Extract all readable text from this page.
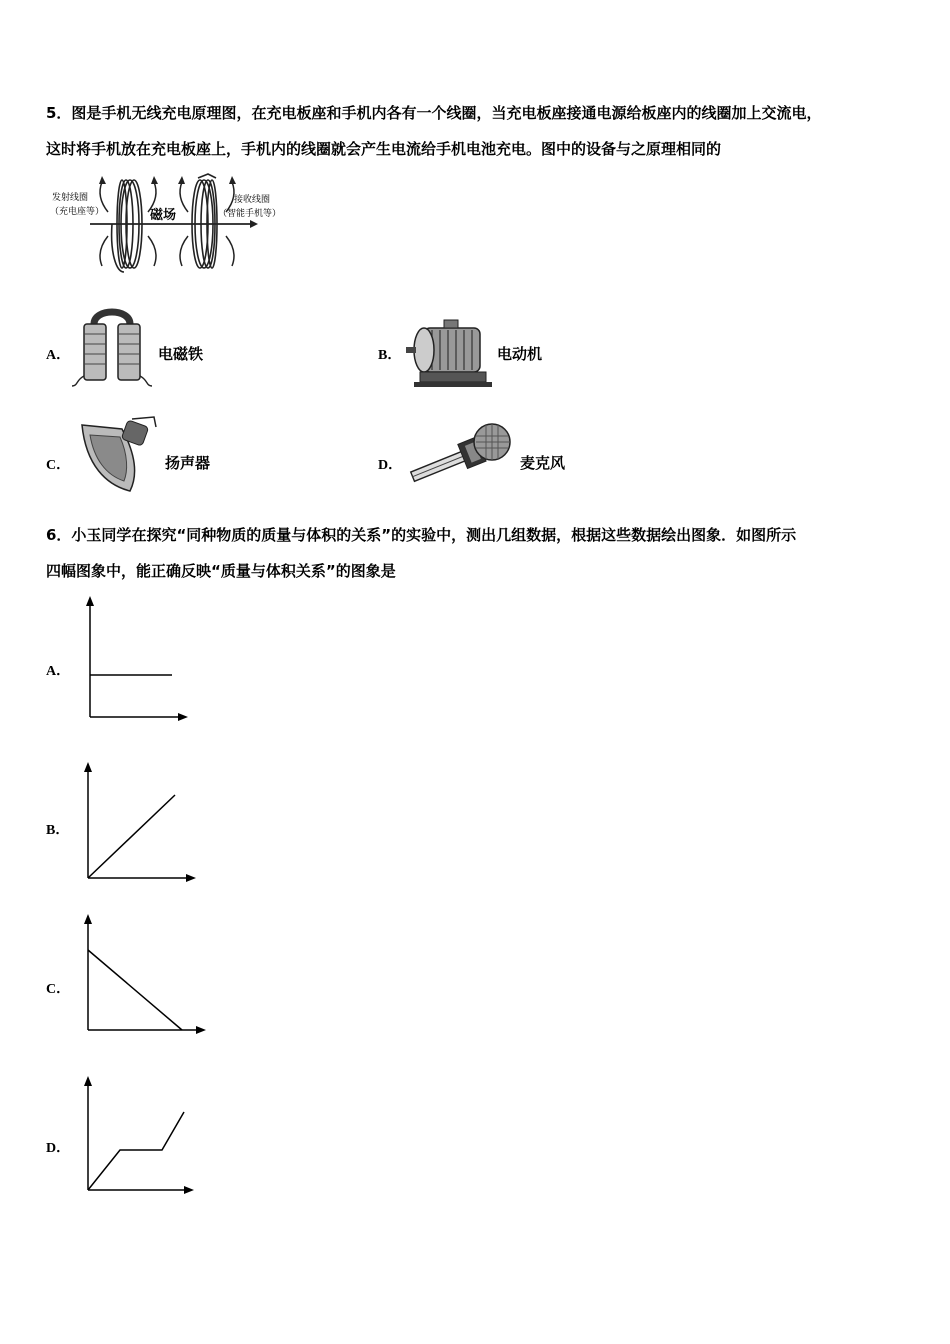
5．图是手机无线充电原理图，在充电板座和手机内各有一个线圈，当充电板座接通电源给板座内的线圈加上交流电，
这时将手机放在充电板座上，手机内的线圈就会产生电流给手机电池充电。图中的设备与之原理相同的
发射线圈
（充电座等）	磁场
接收线圈
（智能手机等）
A．	电磁铁	B．	电动机
C．	扬声器	D．	麦克风
6．小玉同学在探究“同种物质的质量与体积的关系”的实验中，测出几组数据，根据这些数据绘出图象．如图所示
四幅图象中，能正确反映“质量与体积关系”的图象是
A．
B．
C．
D．
